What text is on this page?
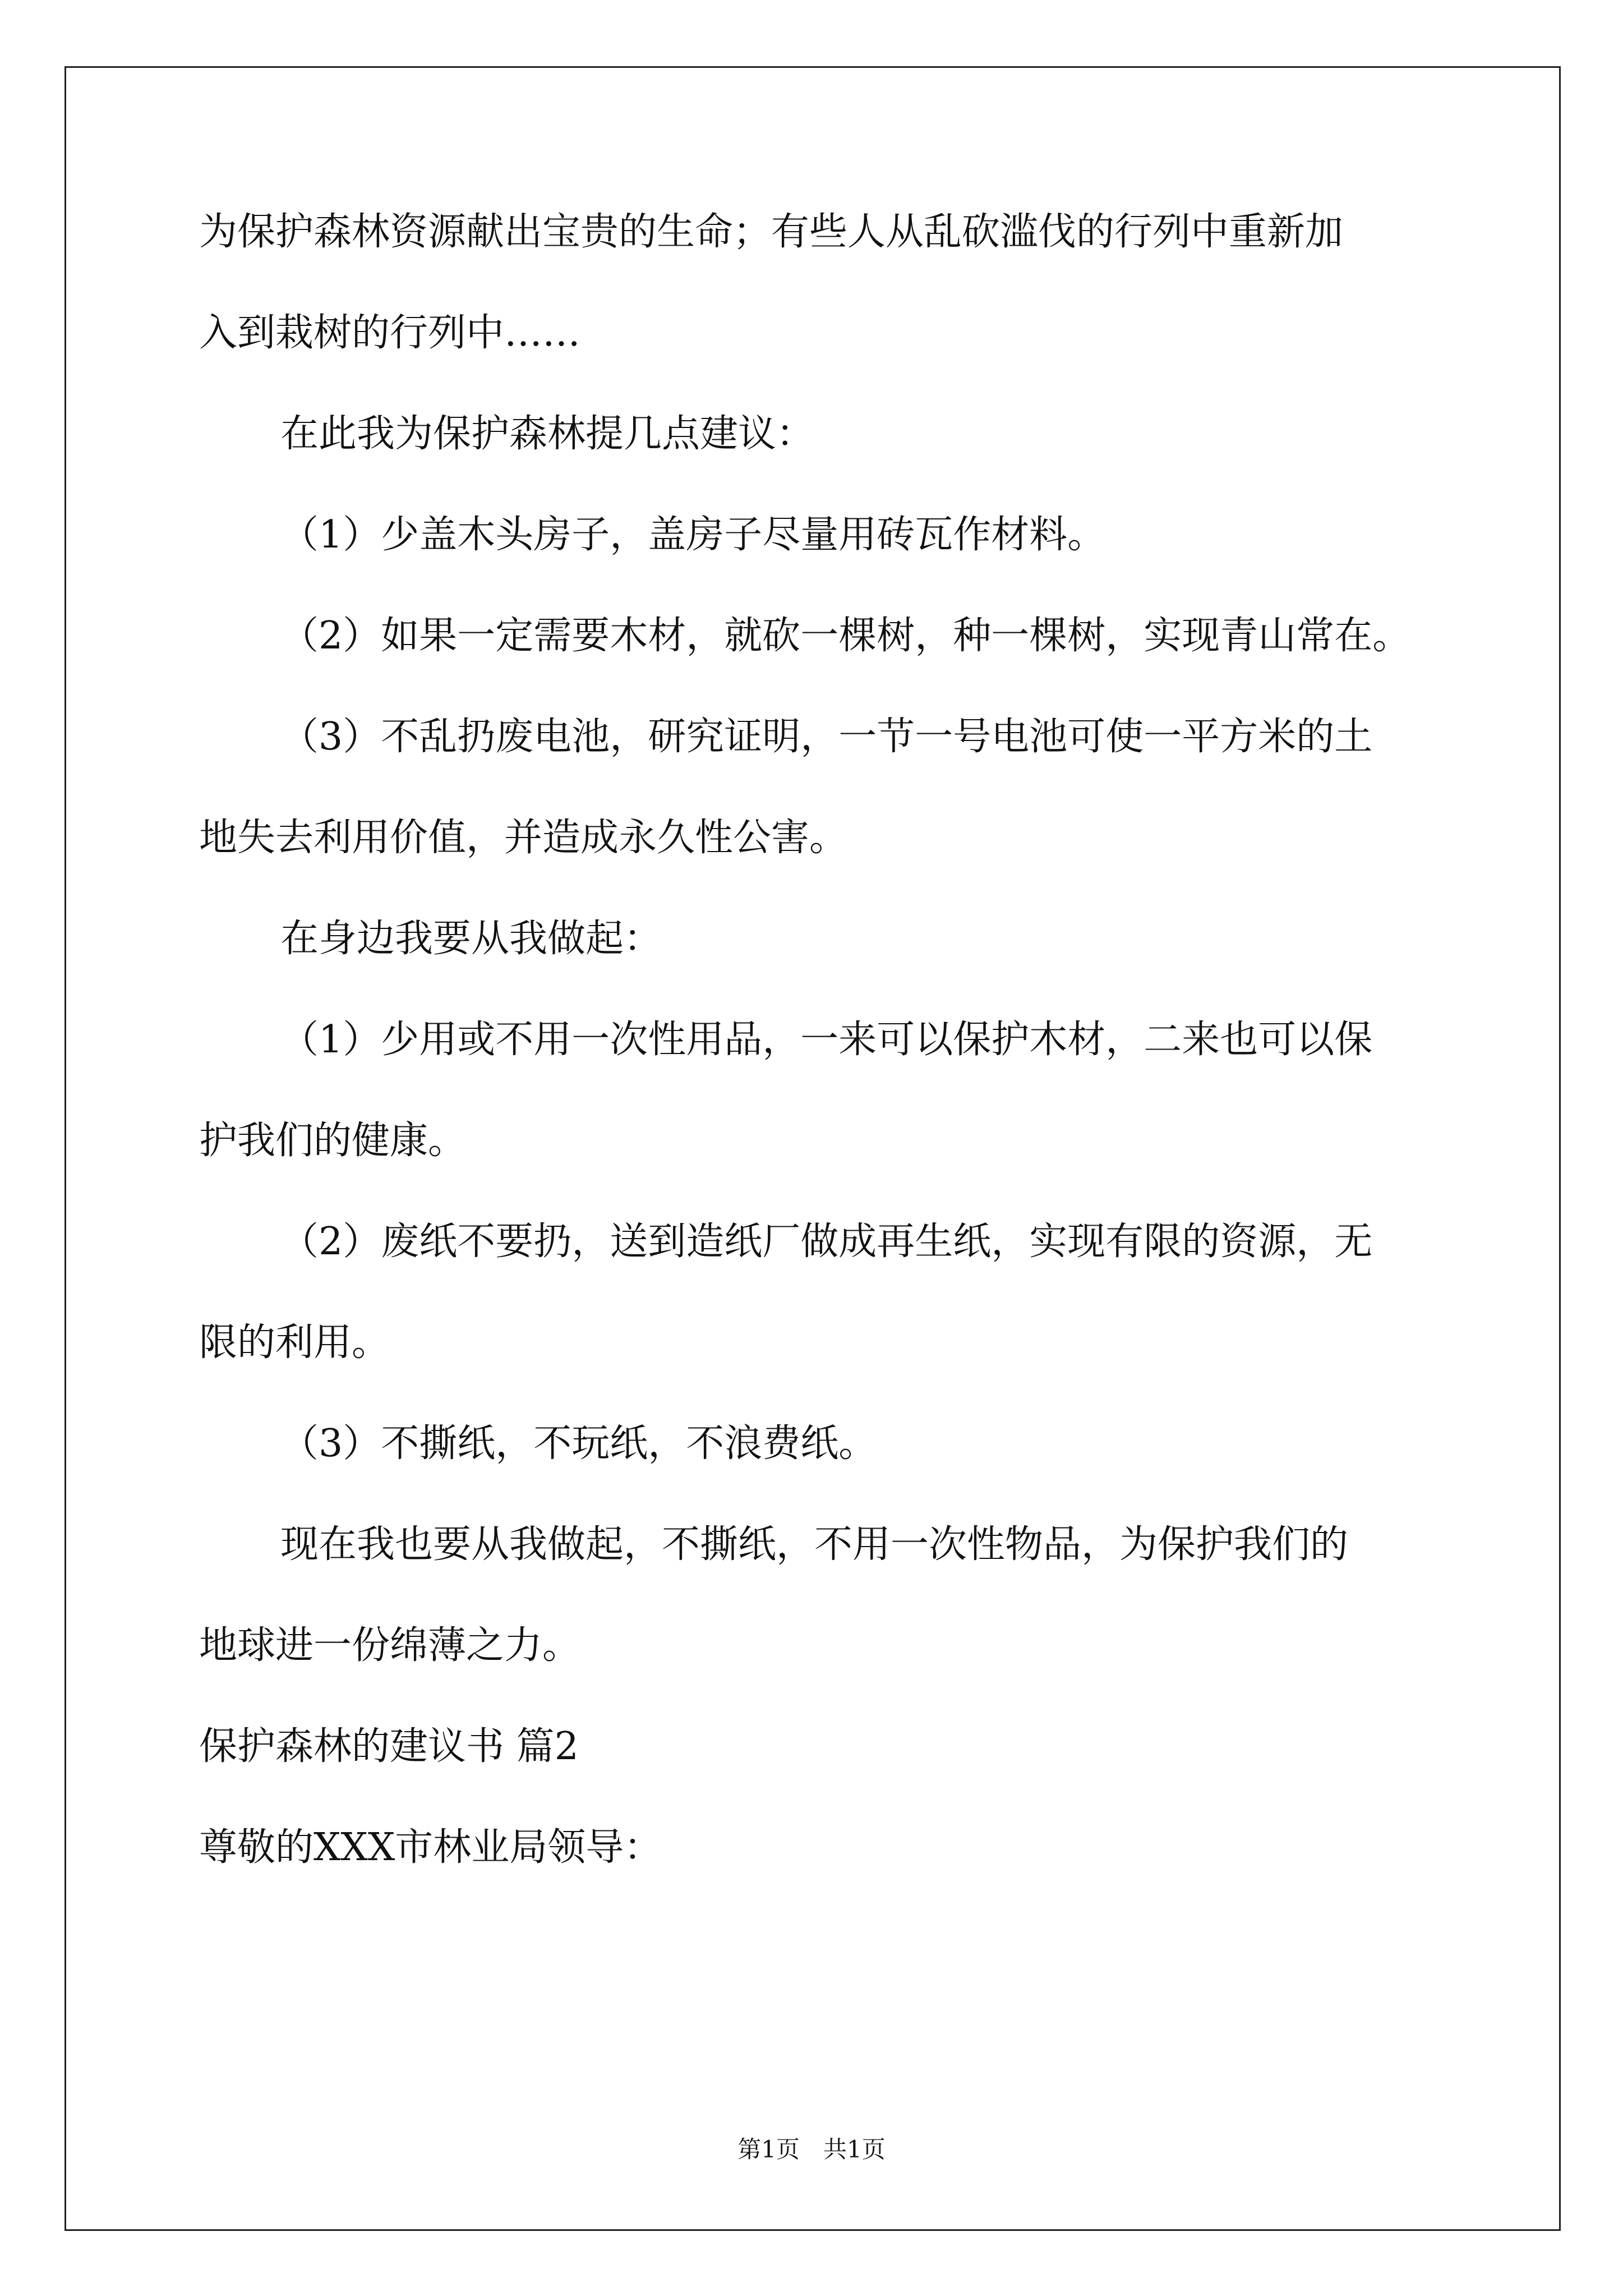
为保护森林资源献出宝贵的生命；有些人从乱砍滥伐的行列中重新加
入到栽树的行列中……
在此我为保护森林提几点建议：
（1）少盖木头房子，盖房子尽量用砖瓦作材料。
（2）如果一定需要木材，就砍一棵树，种一棵树，实现青山常在。
（3）不乱扔废电池，研究证明，一节一号电池可使一平方米的土
地失去利用价值，并造成永久性公害。
在身边我要从我做起：
（1）少用或不用一次性用品，一来可以保护木材，二来也可以保
护我们的健康。
（2）废纸不要扔，送到造纸厂做成再生纸，实现有限的资源，无
限的利用。
（3）不撕纸，不玩纸，不浪费纸。
现在我也要从我做起，不撕纸，不用一次性物品，为保护我们的
地球进一份绵薄之力。
保护森林的建议书 篇2
尊敬的XXX市林业局领导：
第1页　共1页
